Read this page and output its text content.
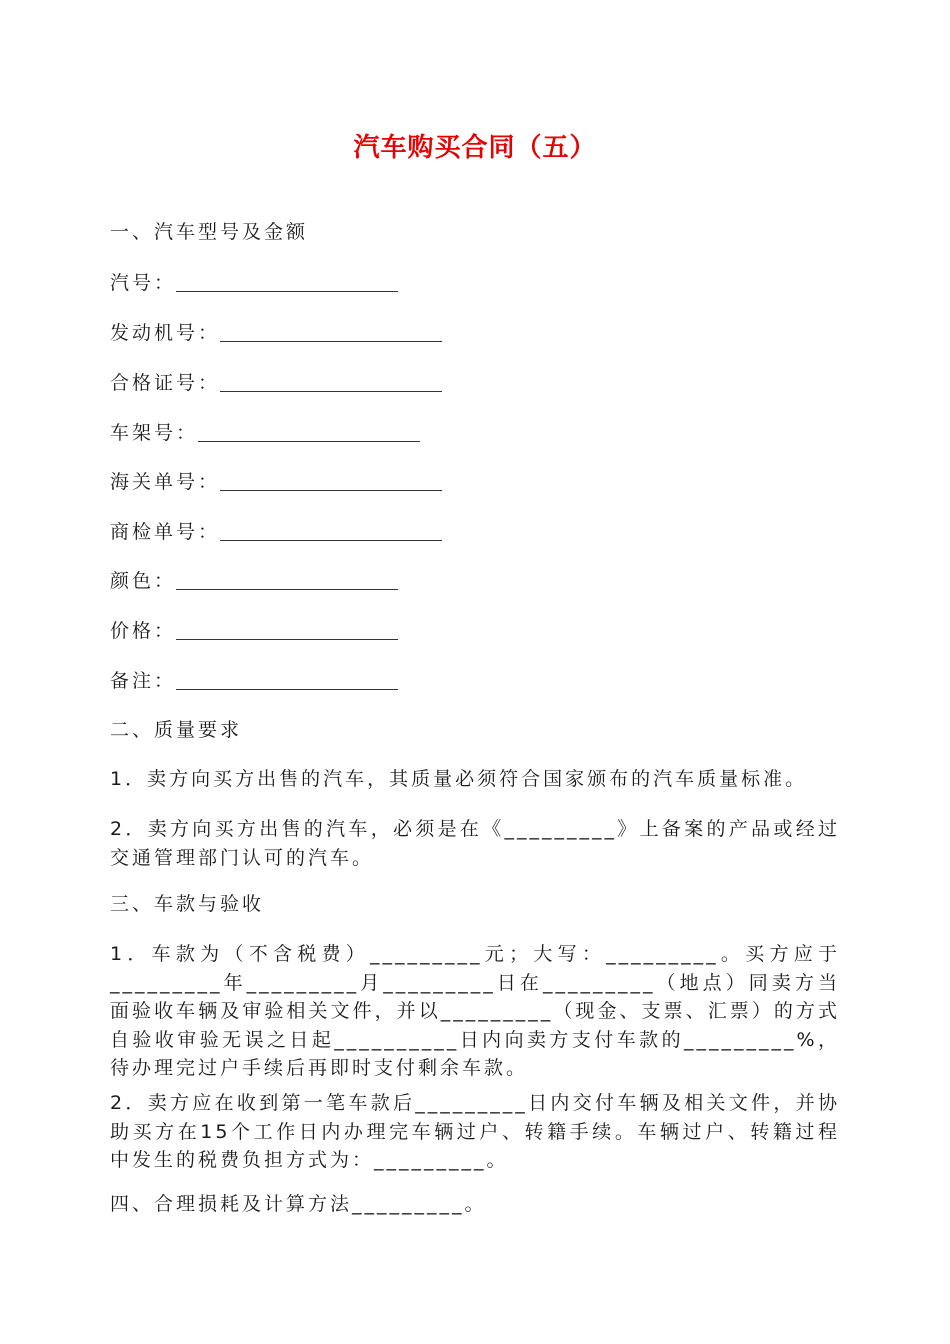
汽车购买合同（五）
一、汽车型号及金额
汽号：
发动机号：
合格证号：
车架号：
海关单号：
商检单号：
颜色：
价格：
备注：
二、质量要求
1．卖方向买方出售的汽车，其质量必须符合国家颁布的汽车质量标准。
2．卖方向买方出售的汽车，必须是在《_________》上备案的产品或经过交通管理部门认可的汽车。
三、车款与验收
1．车款为（不含税费）_________元；大写：_________。买方应于_________年_________月_________日在_________（地点）同卖方当面验收车辆及审验相关文件，并以_________（现金、支票、汇票）的方式自验收审验无误之日起__________日内向卖方支付车款的_________%，待办理完过户手续后再即时支付剩余车款。
2．卖方应在收到第一笔车款后_________日内交付车辆及相关文件，并协助买方在15个工作日内办理完车辆过户、转籍手续。车辆过户、转籍过程中发生的税费负担方式为：_________。
四、合理损耗及计算方法_________。
